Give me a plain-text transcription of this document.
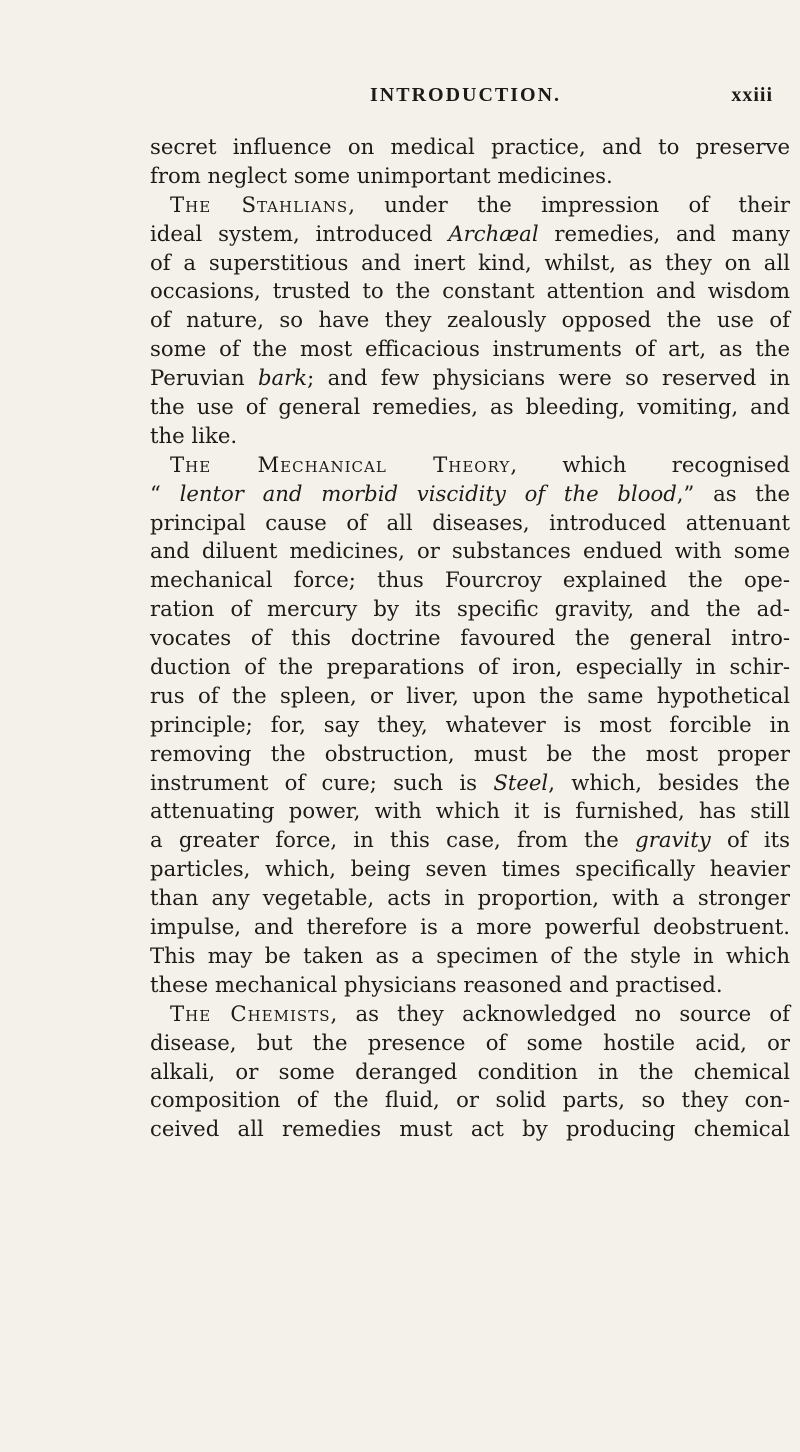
INTRODUCTION.	xxiii
secret influence on medical practice, and to preserve
from neglect some unimportant medicines.
The Stahlians, under the impression of their
ideal system, introduced Archæal remedies, and many
of a superstitious and inert kind, whilst, as they on all
occasions, trusted to the constant attention and wisdom
of nature, so have they zealously opposed the use of
some of the most efficacious instruments of art, as the
Peruvian bark; and few physicians were so reserved in
the use of general remedies, as bleeding, vomiting, and
the like.
The Mechanical Theory, which recognised
“ lentor and morbid viscidity of the blood,” as the
principal cause of all diseases, introduced attenuant
and diluent medicines, or substances endued with some
mechanical force; thus Fourcroy explained the ope-
ration of mercury by its specific gravity, and the ad-
vocates of this doctrine favoured the general intro-
duction of the preparations of iron, especially in schir-
rus of the spleen, or liver, upon the same hypothetical
principle; for, say they, whatever is most forcible in
removing the obstruction, must be the most proper
instrument of cure; such is Steel, which, besides the
attenuating power, with which it is furnished, has still
a greater force, in this case, from the gravity of its
particles, which, being seven times specifically heavier
than any vegetable, acts in proportion, with a stronger
impulse, and therefore is a more powerful deobstruent.
This may be taken as a specimen of the style in which
these mechanical physicians reasoned and practised.
The Chemists, as they acknowledged no source of
disease, but the presence of some hostile acid, or
alkali, or some deranged condition in the chemical
composition of the fluid, or solid parts, so they con-
ceived all remedies must act by producing chemical
